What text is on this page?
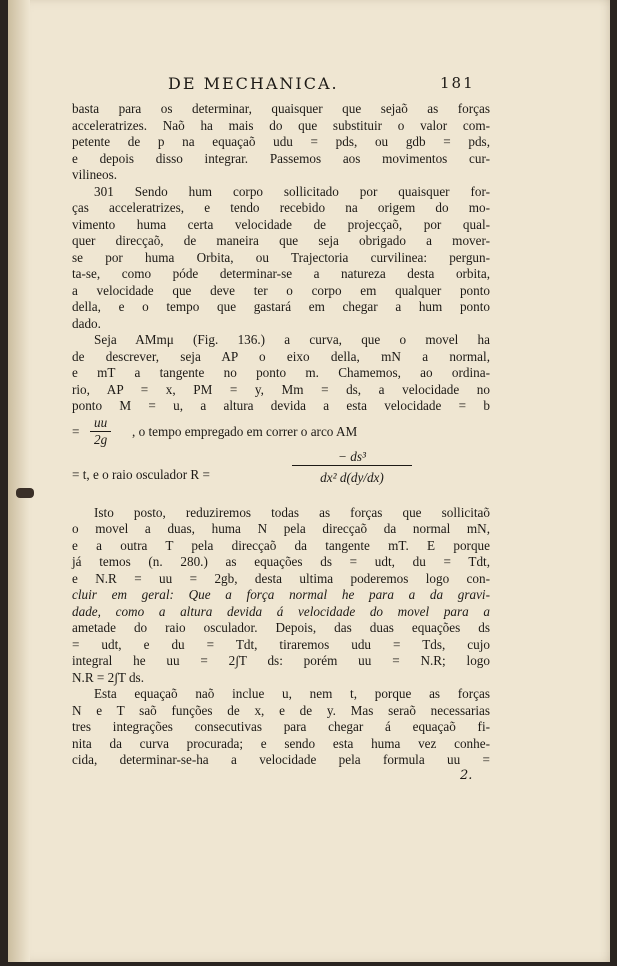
DE MECHANICA.	181
basta para os determinar, quaisquer que sejaõ as forças
acceleratrizes. Naõ ha mais do que substituir o valor com-
petente de p na equaçaõ udu = pds, ou gdb = pds,
e depois disso integrar. Passemos aos movimentos cur-
vilineos.
301 Sendo hum corpo sollicitado por quaisquer for-
ças acceleratrizes, e tendo recebido na origem do mo-
vimento huma certa velocidade de projecçaõ, por qual-
quer direcçaõ, de maneira que seja obrigado a mover-
se por huma Orbita, ou Trajectoria curvilinea: pergun-
ta-se, como póde determinar-se a natureza desta orbita,
a velocidade que deve ter o corpo em qualquer ponto
della, e o tempo que gastará em chegar a hum ponto
dado.
Seja AMmμ (Fig. 136.) a curva, que o movel ha
de descrever, seja AP o eixo della, mN a normal,
e mT a tangente no ponto m. Chamemos, ao ordina-
rio, AP = x, PM = y, Mm = ds, a velocidade no
ponto M = u, a altura devida a esta velocidade = b
= $\frac{uu}{2g}$ , o tempo empregado em correr o arco AM
= t, e o raio osculador R =	$\frac{\text{− ds³}}{\text{dx² d(dy/dx)}}$
Isto posto, reduziremos todas as forças que sollicitaõ
o movel a duas, huma N pela direcçaõ da normal mN,
e a outra T pela direcçaõ da tangente mT. E porque
já temos (n. 280.) as equações ds = udt, du = Tdt,
e N.R = uu = 2gb, desta ultima poderemos logo con-
cluir em geral: Que a força normal he para a da gravi-
dade, como a altura devida á velocidade do movel para a
ametade do raio osculador. Depois, das duas equações ds
= udt, e du = Tdt, tiraremos udu = Tds, cujo
integral he uu = 2∫T ds: porém uu = N.R; logo
N.R = 2∫T ds.
Esta equaçaõ naõ inclue u, nem t, porque as forças
N e T saõ funções de x, e de y. Mas seraõ necessarias
tres integrações consecutivas para chegar á equaçaõ fi-
nita da curva procurada; e sendo esta huma vez conhe-
cida, determinar-se-ha a velocidade pela formula uu =
2.
